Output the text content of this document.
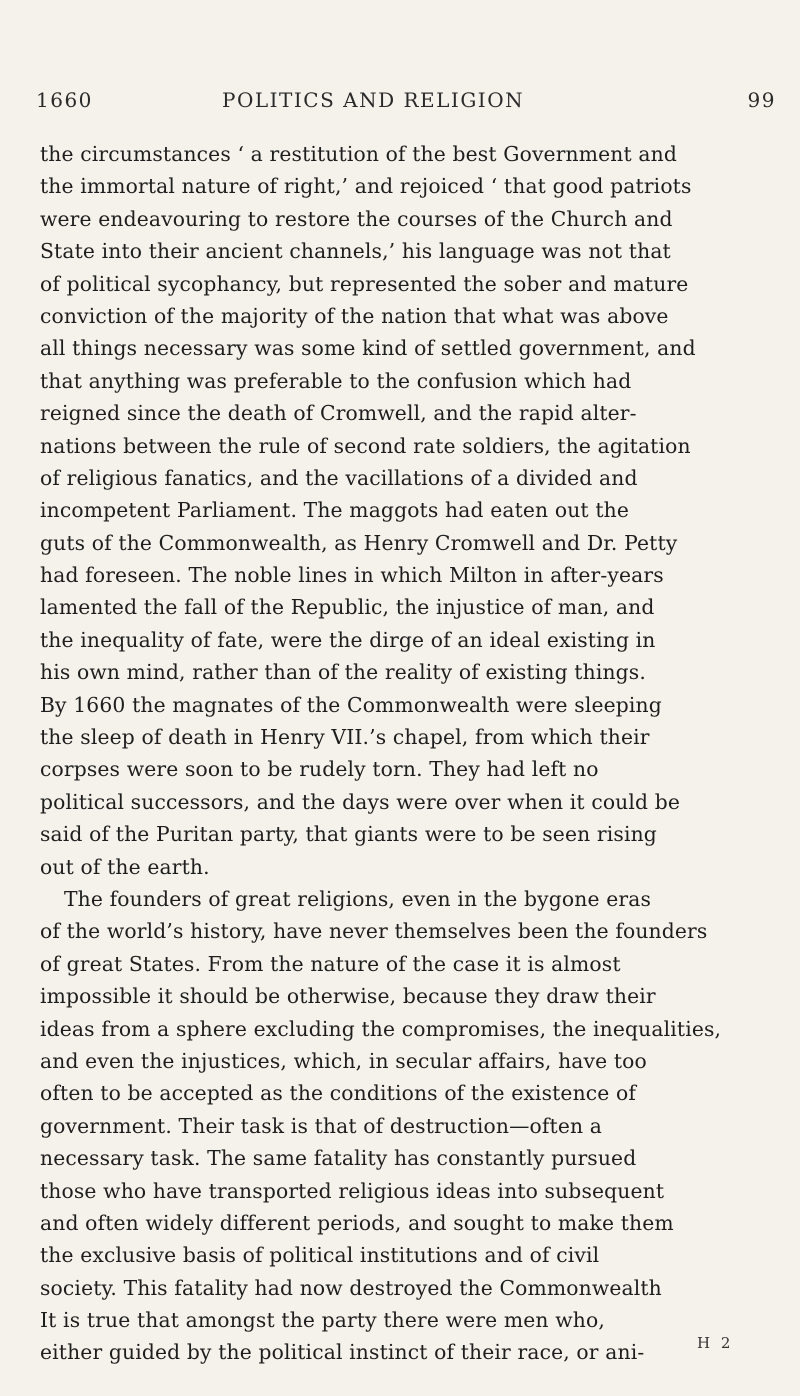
1660	POLITICS AND RELIGION	99
the circumstances ‘ a restitution of the best Government and
the immortal nature of right,’ and rejoiced ‘ that good patriots
were endeavouring to restore the courses of the Church and
State into their ancient channels,’ his language was not that
of political sycophancy, but represented the sober and mature
conviction of the majority of the nation that what was above
all things necessary was some kind of settled government, and
that anything was preferable to the confusion which had
reigned since the death of Cromwell, and the rapid alter-
nations between the rule of second rate soldiers, the agitation
of religious fanatics, and the vacillations of a divided and
incompetent Parliament. The maggots had eaten out the
guts of the Commonwealth, as Henry Cromwell and Dr. Petty
had foreseen. The noble lines in which Milton in after-years
lamented the fall of the Republic, the injustice of man, and
the inequality of fate, were the dirge of an ideal existing in
his own mind, rather than of the reality of existing things.
By 1660 the magnates of the Commonwealth were sleeping
the sleep of death in Henry VII.’s chapel, from which their
corpses were soon to be rudely torn. They had left no
political successors, and the days were over when it could be
said of the Puritan party, that giants were to be seen rising
out of the earth.
The founders of great religions, even in the bygone eras
of the world’s history, have never themselves been the founders
of great States. From the nature of the case it is almost
impossible it should be otherwise, because they draw their
ideas from a sphere excluding the compromises, the inequalities,
and even the injustices, which, in secular affairs, have too
often to be accepted as the conditions of the existence of
government. Their task is that of destruction—often a
necessary task. The same fatality has constantly pursued
those who have transported religious ideas into subsequent
and often widely different periods, and sought to make them
the exclusive basis of political institutions and of civil
society. This fatality had now destroyed the Commonwealth
It is true that amongst the party there were men who,
either guided by the political instinct of their race, or ani-	H 2
